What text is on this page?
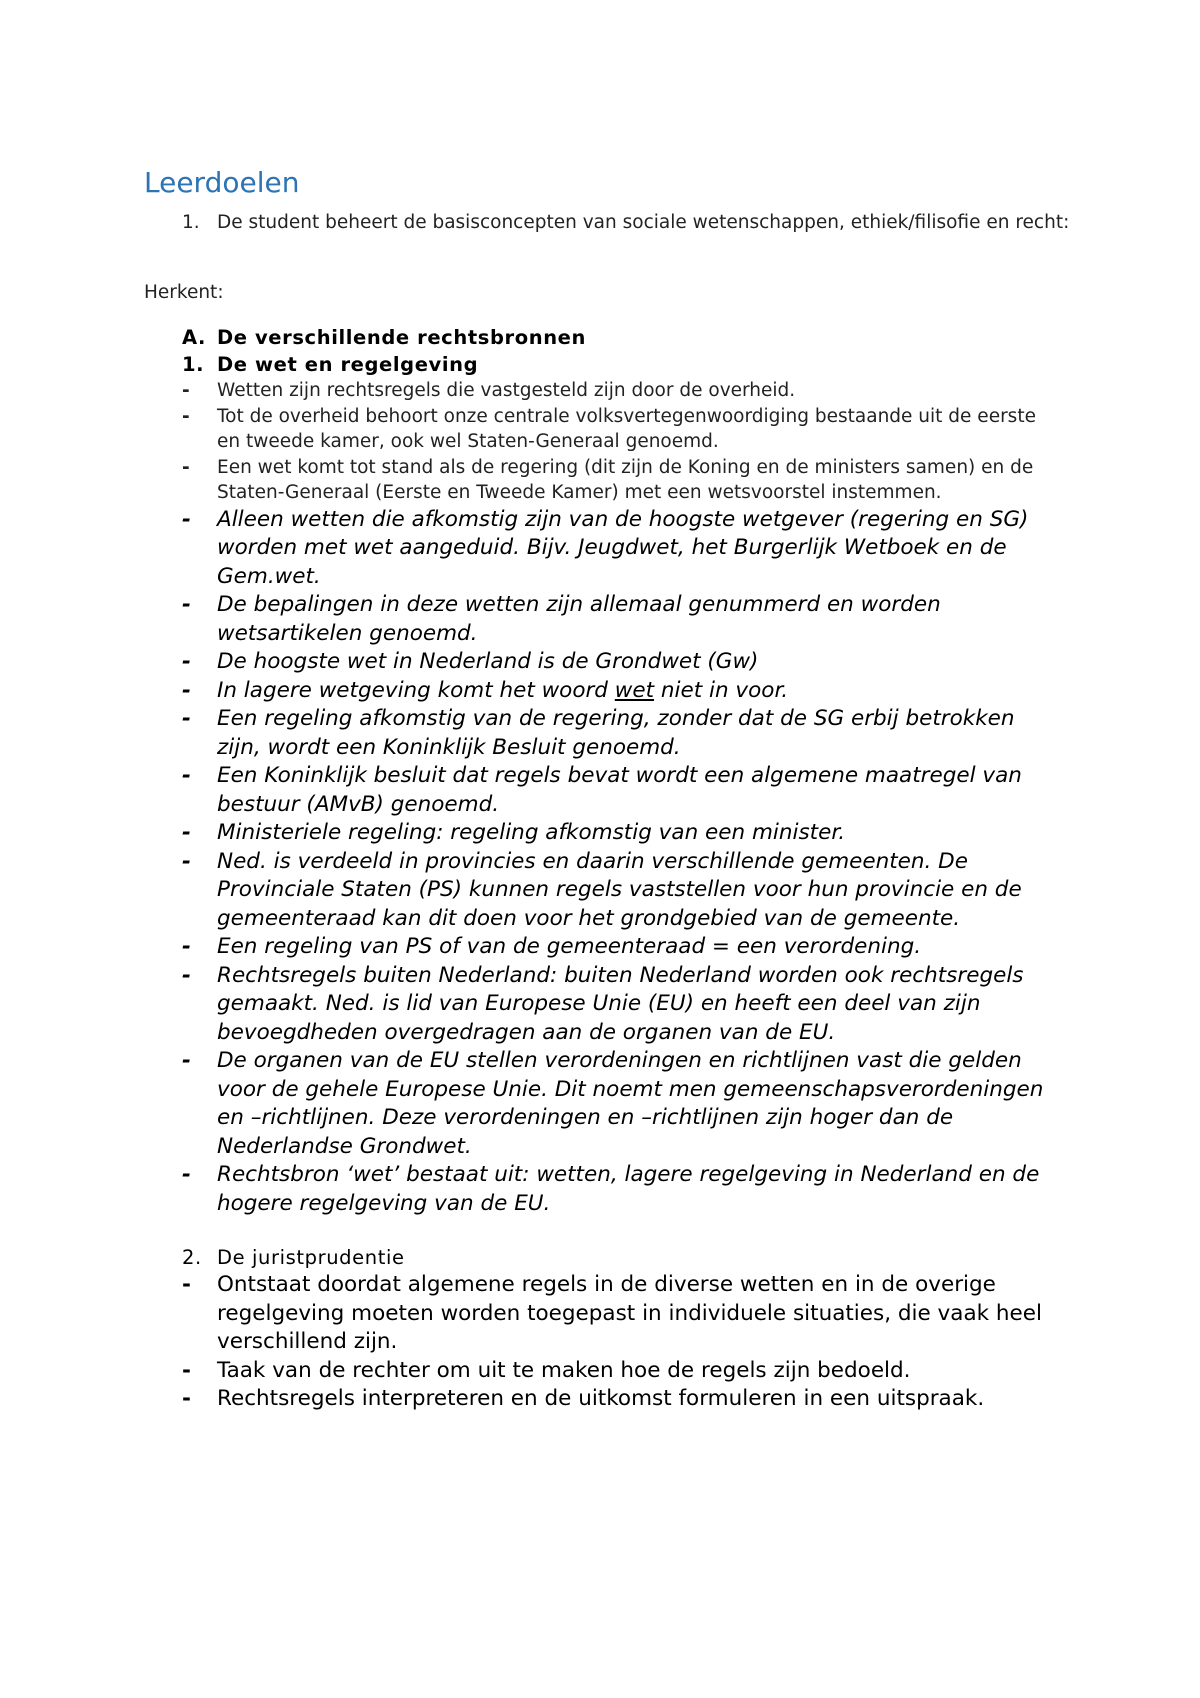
Leerdoelen
1. De student beheert de basisconcepten van sociale wetenschappen, ethiek/filisofie en recht:
Herkent:
A. De verschillende rechtsbronnen
1. De wet en regelgeving
- Wetten zijn rechtsregels die vastgesteld zijn door de overheid.
- Tot de overheid behoort onze centrale volksvertegenwoordiging bestaande uit de eerste en tweede kamer, ook wel Staten-Generaal genoemd.
- Een wet komt tot stand als de regering (dit zijn de Koning en de ministers samen) en de Staten-Generaal (Eerste en Tweede Kamer) met een wetsvoorstel instemmen.
- Alleen wetten die afkomstig zijn van de hoogste wetgever (regering en SG) worden met wet aangeduid. Bijv. Jeugdwet, het Burgerlijk Wetboek en de Gem.wet.
- De bepalingen in deze wetten zijn allemaal genummerd en worden wetsartikelen genoemd.
- De hoogste wet in Nederland is de Grondwet (Gw)
- In lagere wetgeving komt het woord wet niet in voor.
- Een regeling afkomstig van de regering, zonder dat de SG erbij betrokken zijn, wordt een Koninklijk Besluit genoemd.
- Een Koninklijk besluit dat regels bevat wordt een algemene maatregel van bestuur (AMvB) genoemd.
- Ministeriele regeling: regeling afkomstig van een minister.
- Ned. is verdeeld in provincies en daarin verschillende gemeenten. De Provinciale Staten (PS) kunnen regels vaststellen voor hun provincie en de gemeenteraad kan dit doen voor het grondgebied van de gemeente.
- Een regeling van PS of van de gemeenteraad = een verordening.
- Rechtsregels buiten Nederland: buiten Nederland worden ook rechtsregels gemaakt. Ned. is lid van Europese Unie (EU) en heeft een deel van zijn bevoegdheden overgedragen aan de organen van de EU.
- De organen van de EU stellen verordeningen en richtlijnen vast die gelden voor de gehele Europese Unie. Dit noemt men gemeenschapsverordeningen en –richtlijnen. Deze verordeningen en –richtlijnen zijn hoger dan de Nederlandse Grondwet.
- Rechtsbron ‘wet’ bestaat uit: wetten, lagere regelgeving in Nederland en de hogere regelgeving van de EU.
2. De juristprudentie
- Ontstaat doordat algemene regels in de diverse wetten en in de overige regelgeving moeten worden toegepast in individuele situaties, die vaak heel verschillend zijn.
- Taak van de rechter om uit te maken hoe de regels zijn bedoeld.
- Rechtsregels interpreteren en de uitkomst formuleren in een uitspraak.
